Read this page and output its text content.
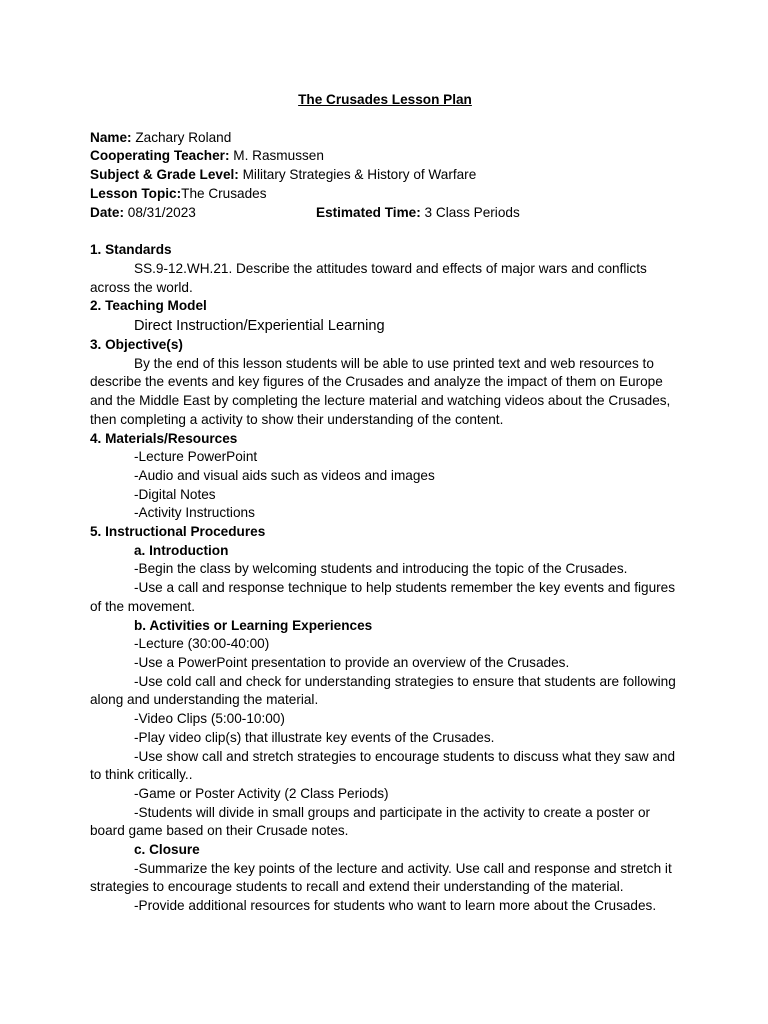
The Crusades Lesson Plan
Name: Zachary Roland
Cooperating Teacher: M. Rasmussen
Subject & Grade Level: Military Strategies & History of Warfare
Lesson Topic:The Crusades
Date: 08/31/2023	Estimated Time: 3 Class Periods
1. Standards

SS.9-12.WH.21. Describe the attitudes toward and effects of major wars and conflicts across the world.

2. Teaching Model
Direct Instruction/Experiential Learning
3. Objective(s)

By the end of this lesson students will be able to use printed text and web resources to describe the events and key figures of the Crusades and analyze the impact of them on Europe and the Middle East by completing the lecture material and watching videos about the Crusades, then completing a activity to show their understanding of the content.

4. Materials/Resources
-Lecture PowerPoint
-Audio and visual aids such as videos and images
-Digital Notes
-Activity Instructions
5. Instructional Procedures
a. Introduction

-Begin the class by welcoming students and introducing the topic of the Crusades.

-Use a call and response technique to help students remember the key events and figures of the movement.

b. Activities or Learning Experiences

-Lecture (30:00-40:00)

-Use a PowerPoint presentation to provide an overview of the Crusades.

-Use cold call and check for understanding strategies to ensure that students are following along and understanding the material.

-Video Clips (5:00-10:00)

-Play video clip(s) that illustrate key events of the Crusades.

-Use show call and stretch strategies to encourage students to discuss what they saw and to think critically..

-Game or Poster Activity (2 Class Periods)

-Students will divide in small groups and participate in the activity to create a poster or board game based on their Crusade notes.

c. Closure

-Summarize the key points of the lecture and activity. Use call and response and stretch it strategies to encourage students to recall and extend their understanding of the material.

-Provide additional resources for students who want to learn more about the Crusades.
